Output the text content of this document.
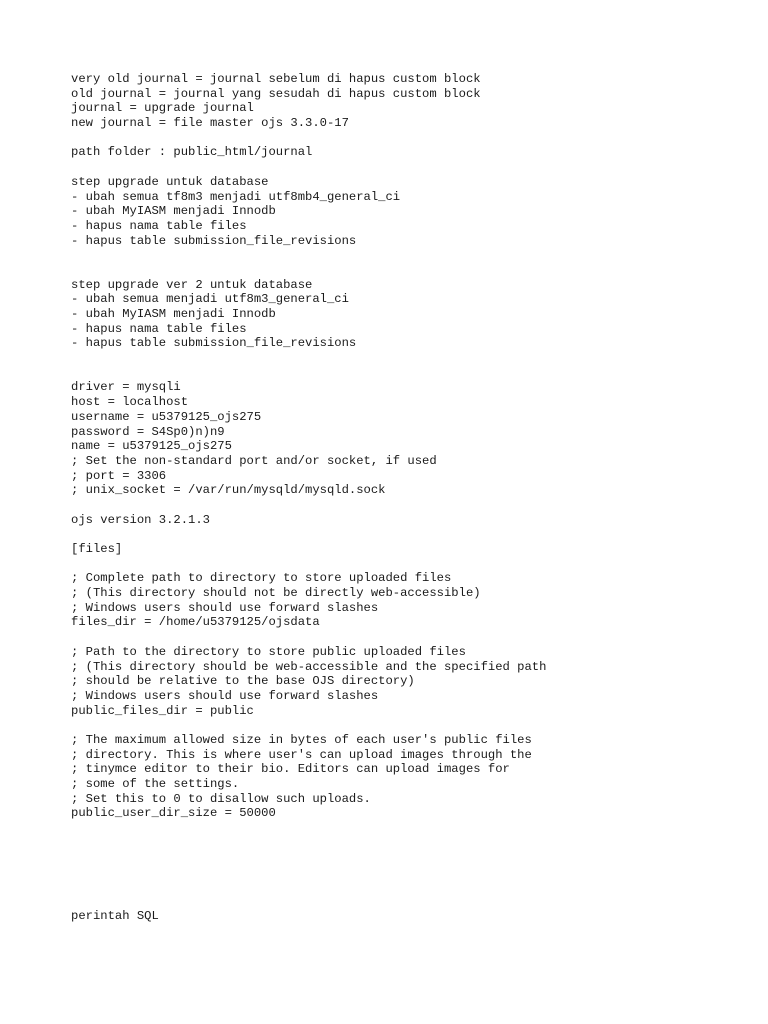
very old journal = journal sebelum di hapus custom block
old journal = journal yang sesudah di hapus custom block
journal = upgrade journal
new journal = file master ojs 3.3.0-17
path folder : public_html/journal
step upgrade untuk database
- ubah semua tf8m3 menjadi utf8mb4_general_ci
- ubah MyIASM menjadi Innodb
- hapus nama table files
- hapus table submission_file_revisions
step upgrade ver 2 untuk database
- ubah semua menjadi utf8m3_general_ci
- ubah MyIASM menjadi Innodb
- hapus nama table files
- hapus table submission_file_revisions
driver = mysqli
host = localhost
username = u5379125_ojs275
password = S4Sp0)n)n9
name = u5379125_ojs275
; Set the non-standard port and/or socket, if used
; port = 3306
; unix_socket = /var/run/mysqld/mysqld.sock
ojs version 3.2.1.3
[files]
; Complete path to directory to store uploaded files
; (This directory should not be directly web-accessible)
; Windows users should use forward slashes
files_dir = /home/u5379125/ojsdata
; Path to the directory to store public uploaded files
; (This directory should be web-accessible and the specified path
; should be relative to the base OJS directory)
; Windows users should use forward slashes
public_files_dir = public
; The maximum allowed size in bytes of each user's public files
; directory. This is where user's can upload images through the
; tinymce editor to their bio. Editors can upload images for
; some of the settings.
; Set this to 0 to disallow such uploads.
public_user_dir_size = 50000
perintah SQL
